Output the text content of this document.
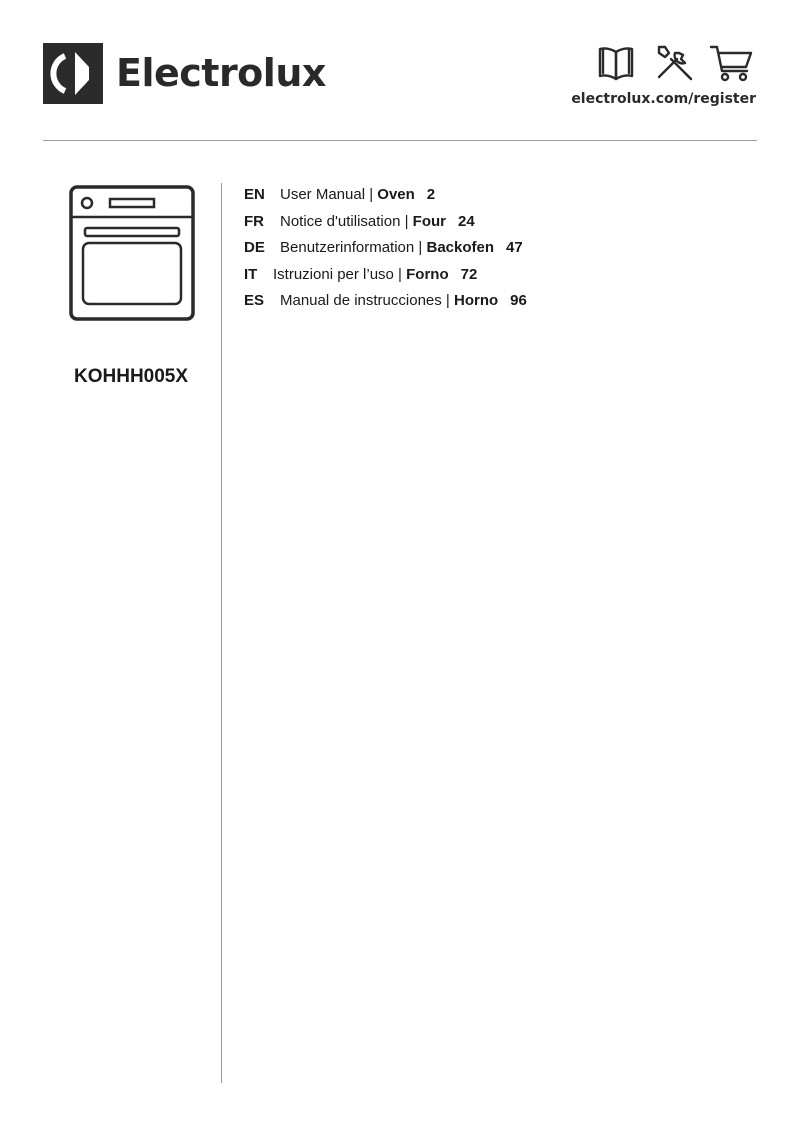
Electrolux
electrolux.com/register
KOHHH005X
EN User Manual | Oven 2
FR Notice d'utilisation | Four 24
DE Benutzerinformation | Backofen 47
IT Istruzioni per l’uso | Forno 72
ES Manual de instrucciones | Horno 96
